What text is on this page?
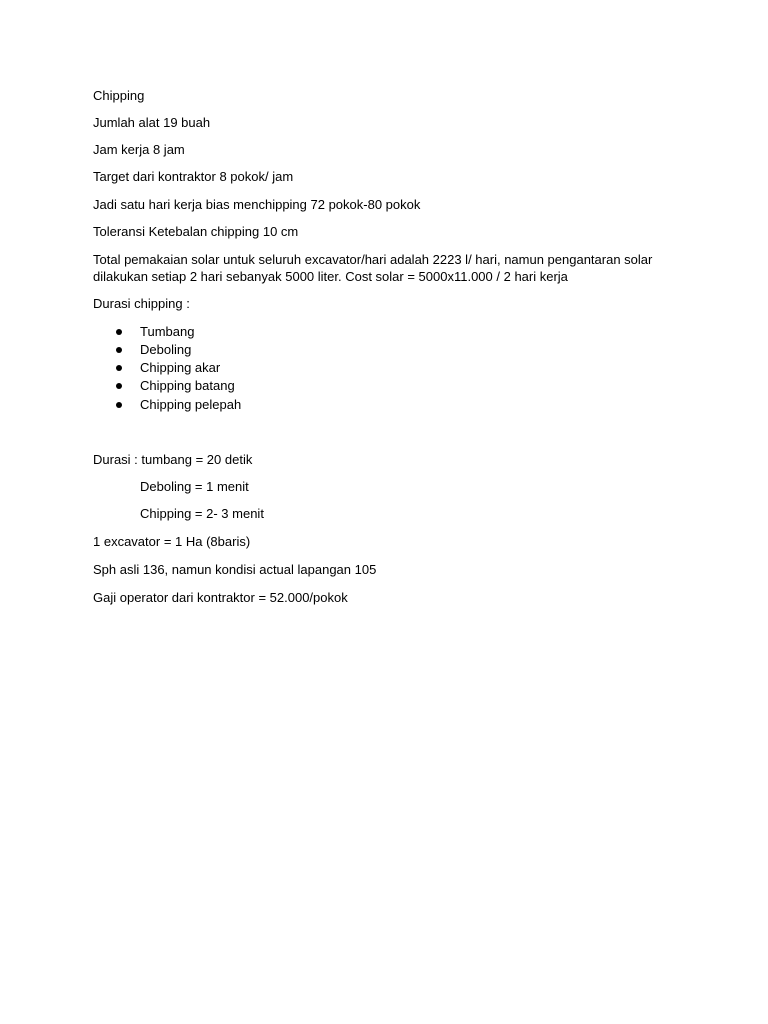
Chipping
Jumlah alat 19 buah
Jam kerja 8 jam
Target dari kontraktor 8 pokok/ jam
Jadi satu hari kerja bias menchipping 72 pokok-80 pokok
Toleransi Ketebalan chipping 10 cm
Total pemakaian solar untuk seluruh excavator/hari adalah 2223 l/ hari, namun pengantaran solar
dilakukan setiap 2 hari sebanyak 5000 liter. Cost solar = 5000x11.000 / 2 hari kerja
Durasi chipping :
Tumbang
Deboling
Chipping akar
Chipping batang
Chipping pelepah
Durasi : tumbang = 20 detik
Deboling = 1 menit
Chipping = 2- 3 menit
1 excavator = 1 Ha (8baris)
Sph asli 136, namun kondisi actual lapangan 105
Gaji operator dari kontraktor = 52.000/pokok
